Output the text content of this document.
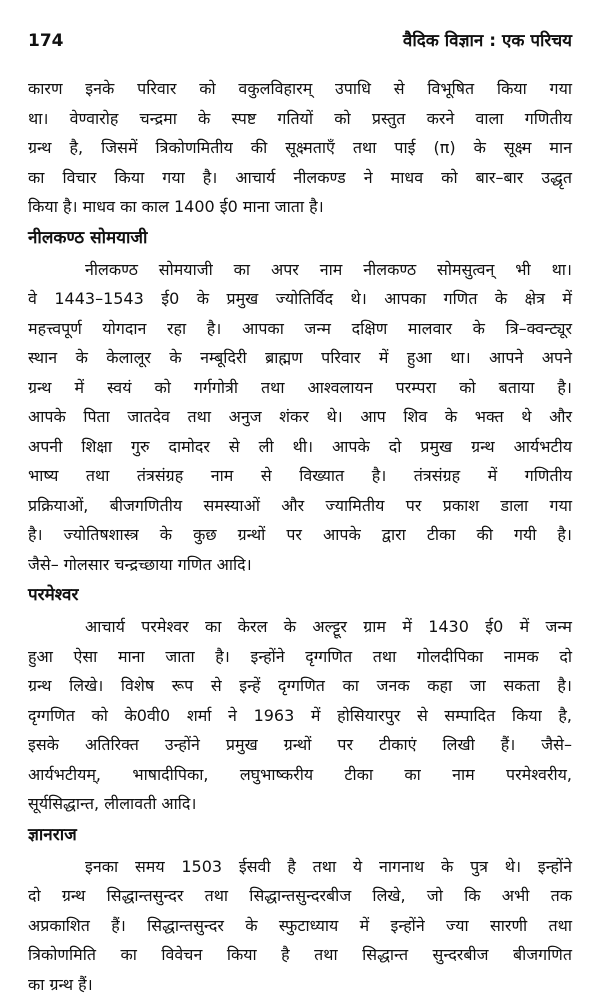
174	वैदिक विज्ञान : एक परिचय
कारण इनके परिवार को वकुलविहारम् उपाधि से विभूषित किया गया
था। वेण्वारोह चन्द्रमा के स्पष्ट गतियों को प्रस्तुत करने वाला गणितीय
ग्रन्थ है, जिसमें त्रिकोणमितीय की सूक्ष्मताएँ तथा पाई (π) के सूक्ष्म मान
का विचार किया गया है। आचार्य नीलकण्ड ने माधव को बार–बार उद्धृत
किया है। माधव का काल 1400 ई0 माना जाता है।
नीलकण्ठ सोमयाजी
नीलकण्ठ सोमयाजी का अपर नाम नीलकण्ठ सोमसुत्वन् भी था।
वे 1443–1543 ई0 के प्रमुख ज्योतिर्विद थे। आपका गणित के क्षेत्र में
महत्त्वपूर्ण योगदान रहा है। आपका जन्म दक्षिण मालवार के त्रि–क्वन्ट्यूर
स्थान के केलालूर के नम्बूदिरी ब्राह्मण परिवार में हुआ था। आपने अपने
ग्रन्थ में स्वयं को गर्गगोत्री तथा आश्वलायन परम्परा को बताया है।
आपके पिता जातदेव तथा अनुज शंकर थे। आप शिव के भक्त थे और
अपनी शिक्षा गुरु दामोदर से ली थी। आपके दो प्रमुख ग्रन्थ आर्यभटीय
भाष्य तथा तंत्रसंग्रह नाम से विख्यात है। तंत्रसंग्रह में गणितीय
प्रक्रियाओं, बीजगणितीय समस्याओं और ज्यामितीय पर प्रकाश डाला गया
है। ज्योतिषशास्त्र के कुछ ग्रन्थों पर आपके द्वारा टीका की गयी है।
जैसे– गोलसार चन्द्रच्छाया गणित आदि।
परमेश्वर
आचार्य परमेश्वर का केरल के अल्ट्टूर ग्राम में 1430 ई0 में जन्म
हुआ ऐसा माना जाता है। इन्होंने दृग्गणित तथा गोलदीपिका नामक दो
ग्रन्थ लिखे। विशेष रूप से इन्हें दृग्गणित का जनक कहा जा सकता है।
दृग्गणित को के0वी0 शर्मा ने 1963 में होसियारपुर से सम्पादित किया है,
इसके अतिरिक्त उन्होंने प्रमुख ग्रन्थों पर टीकाएं लिखी हैं। जैसे–
आर्यभटीयम्, भाषादीपिका, लघुभाष्करीय टीका का नाम परमेश्वरीय,
सूर्यसिद्धान्त, लीलावती आदि।
ज्ञानराज
इनका समय 1503 ईसवी है तथा ये नागनाथ के पुत्र थे। इन्होंने
दो ग्रन्थ सिद्धान्तसुन्दर तथा सिद्धान्तसुन्दरबीज लिखे, जो कि अभी तक
अप्रकाशित हैं। सिद्धान्तसुन्दर के स्फुटाध्याय में इन्होंने ज्या सारणी तथा
त्रिकोणमिति का विवेचन किया है तथा सिद्धान्त सुन्दरबीज बीजगणित
का ग्रन्थ हैं।
